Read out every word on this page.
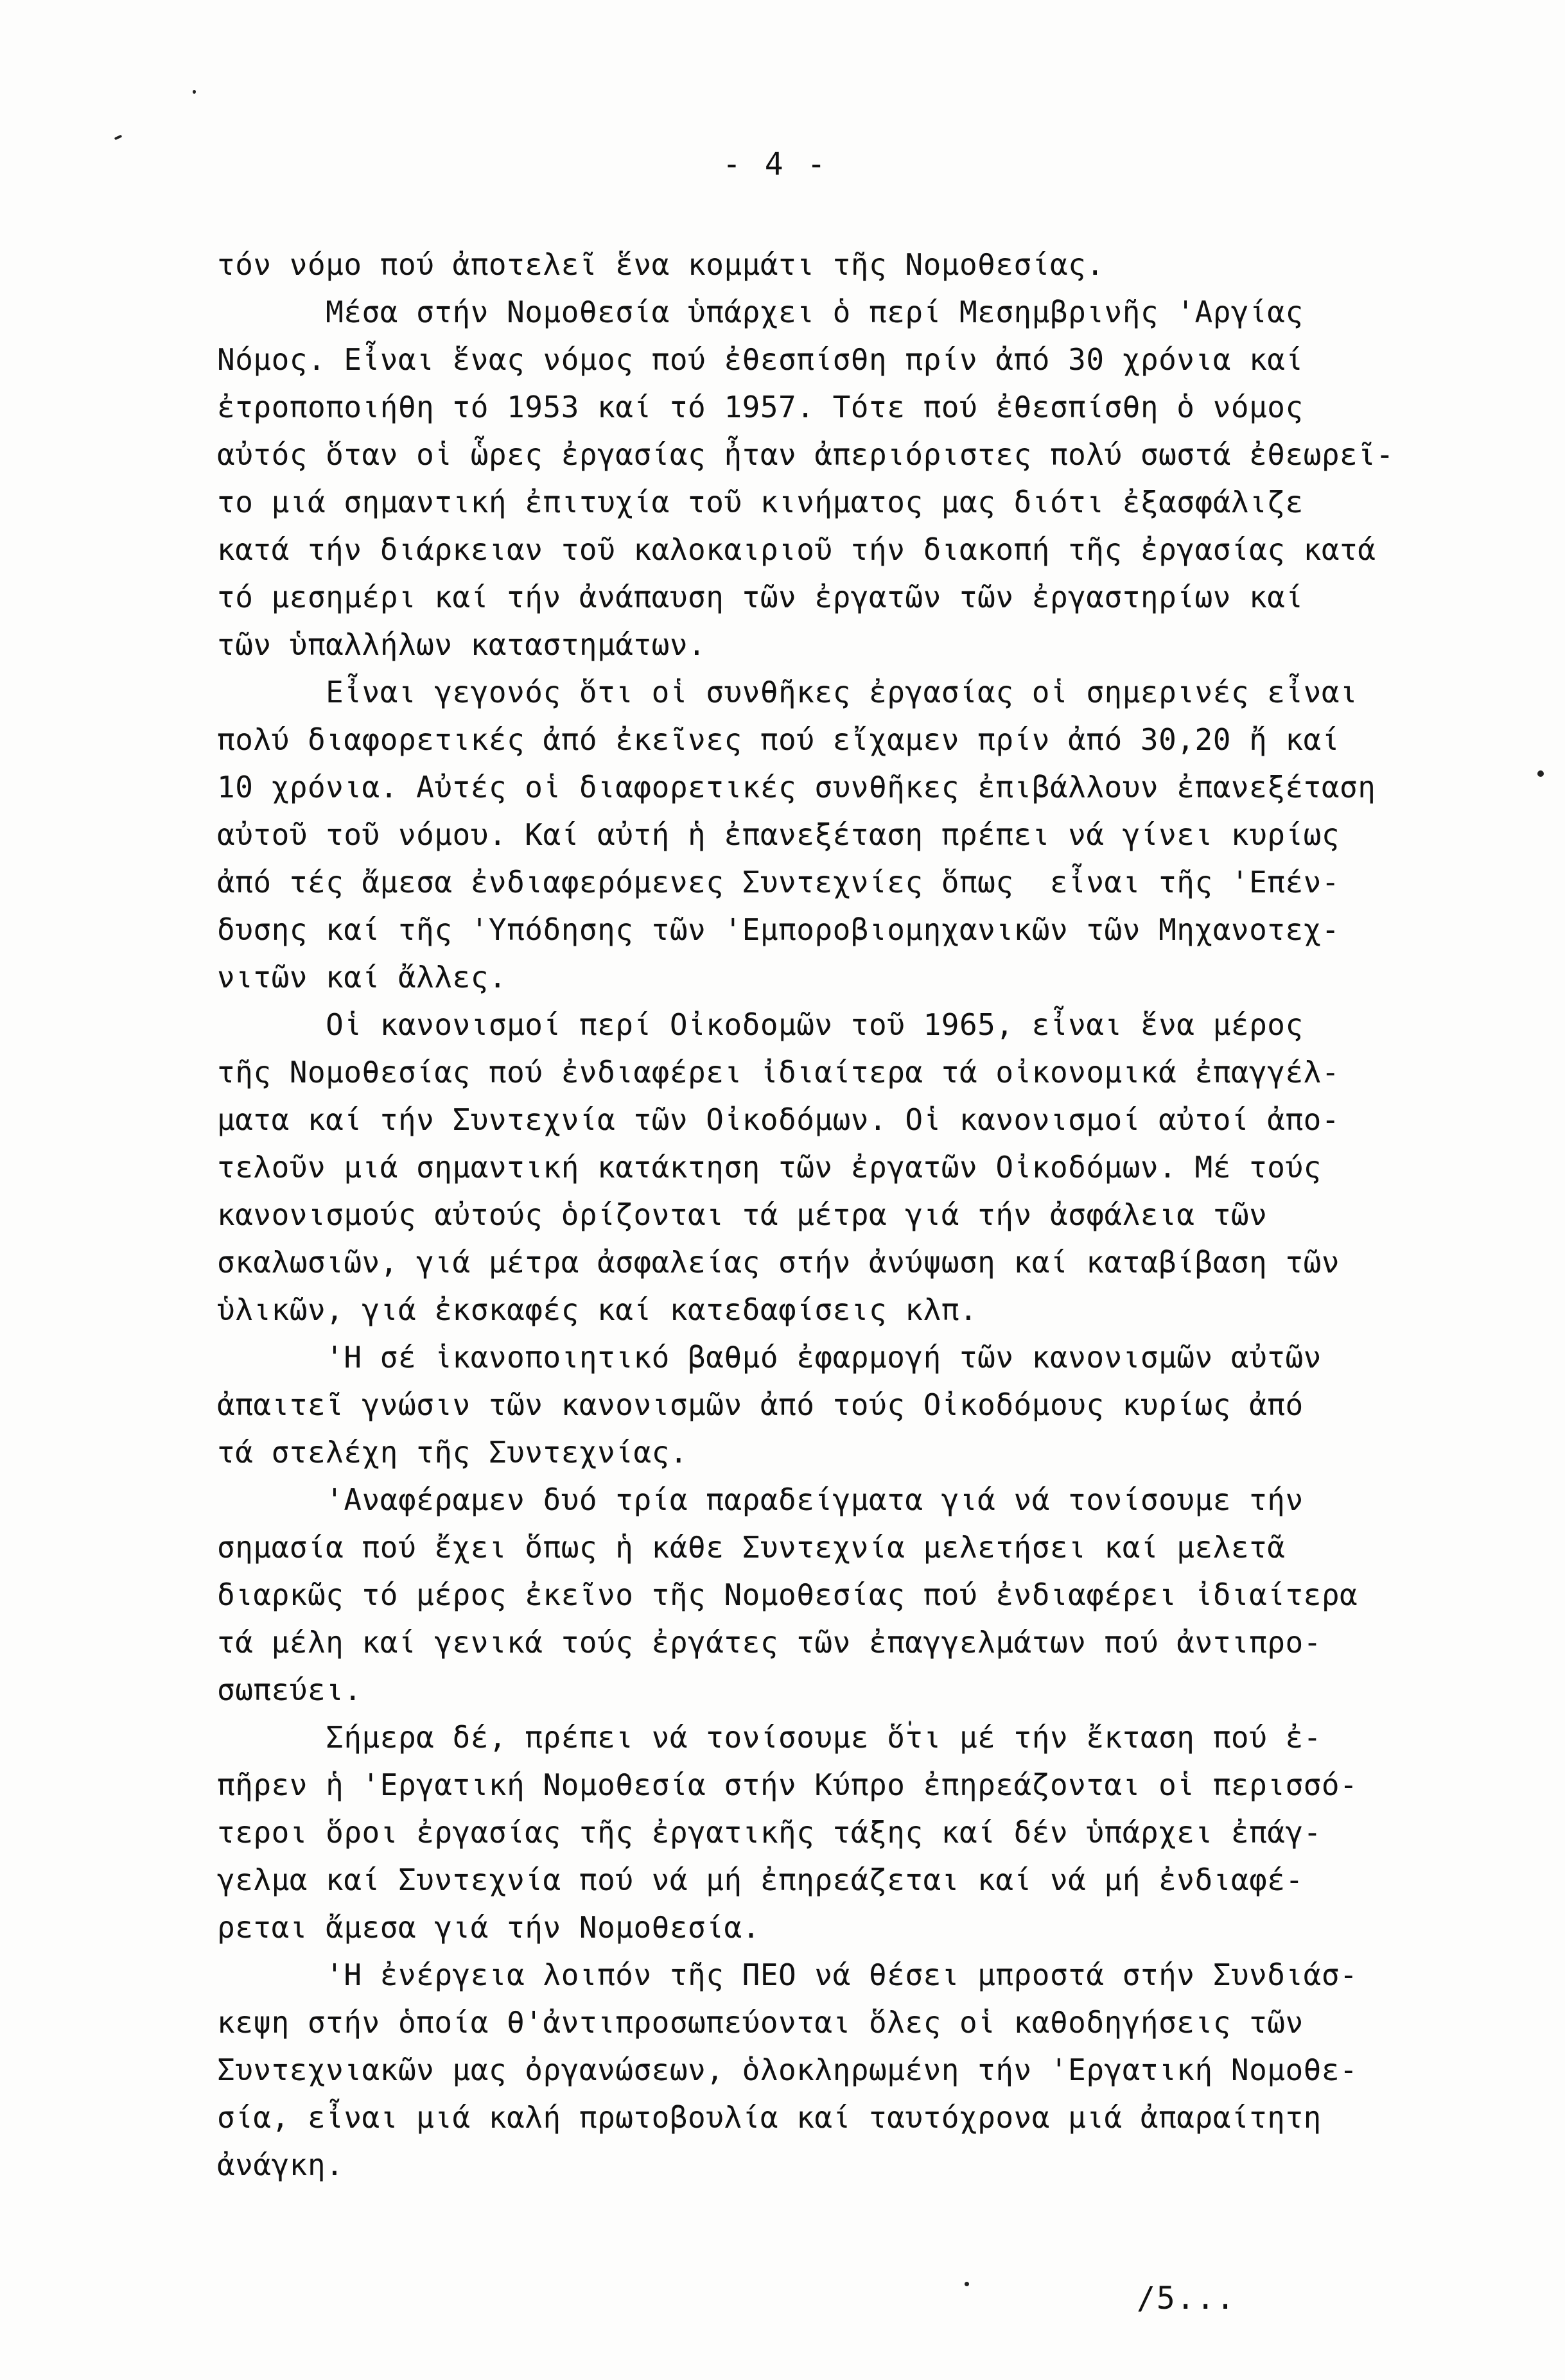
- 4 -
τόν νόμο πού ἀποτελεῖ ἕνα κομμάτι τῆς Νομοθεσίας.
Μέσα στήν Νομοθεσία ὑπάρχει ὁ περί Μεσημβρινῆς 'Αργίας
Νόμος. Εἶναι ἕνας νόμος πού ἐθεσπίσθη πρίν ἀπό 30 χρόνια καί
ἐτροποποιήθη τό 1953 καί τό 1957. Τότε πού ἐθεσπίσθη ὁ νόμος
αὐτός ὅταν οἱ ὧρες ἐργασίας ἦταν ἀπεριόριστες πολύ σωστά ἐθεωρεῖ-
το μιά σημαντική ἐπιτυχία τοῦ κινήματος μας διότι ἐξασφάλιζε
κατά τήν διάρκειαν τοῦ καλοκαιριοῦ τήν διακοπή τῆς ἐργασίας κατά
τό μεσημέρι καί τήν ἀνάπαυση τῶν ἐργατῶν τῶν ἐργαστηρίων καί
τῶν ὑπαλλήλων καταστημάτων.
Εἶναι γεγονός ὅτι οἱ συνθῆκες ἐργασίας οἱ σημερινές εἶναι
πολύ διαφορετικές ἀπό ἐκεῖνες πού εἴχαμεν πρίν ἀπό 30,20 ἤ καί
10 χρόνια. Αὐτές οἱ διαφορετικές συνθῆκες ἐπιβάλλουν ἐπανεξέταση
αὐτοῦ τοῦ νόμου. Καί αὐτή ἡ ἐπανεξέταση πρέπει νά γίνει κυρίως
ἀπό τές ἄμεσα ἐνδιαφερόμενες Συντεχνίες ὅπως  εἶναι τῆς 'Επέν-
δυσης καί τῆς 'Υπόδησης τῶν 'Εμποροβιομηχανικῶν τῶν Μηχανοτεχ-
νιτῶν καί ἄλλες.
Οἱ κανονισμοί περί Οἰκοδομῶν τοῦ 1965, εἶναι ἕνα μέρος
τῆς Νομοθεσίας πού ἐνδιαφέρει ἰδιαίτερα τά οἰκονομικά ἐπαγγέλ-
ματα καί τήν Συντεχνία τῶν Οἰκοδόμων. Οἱ κανονισμοί αὐτοί ἀπο-
τελοῦν μιά σημαντική κατάκτηση τῶν ἐργατῶν Οἰκοδόμων. Μέ τούς
κανονισμούς αὐτούς ὁρίζονται τά μέτρα γιά τήν ἀσφάλεια τῶν
σκαλωσιῶν, γιά μέτρα ἀσφαλείας στήν ἀνύψωση καί καταβίβαση τῶν
ὑλικῶν, γιά ἐκσκαφές καί κατεδαφίσεις κλπ.
'Η σέ ἱκανοποιητικό βαθμό ἐφαρμογή τῶν κανονισμῶν αὐτῶν
ἀπαιτεῖ γνώσιν τῶν κανονισμῶν ἀπό τούς Οἰκοδόμους κυρίως ἀπό
τά στελέχη τῆς Συντεχνίας.
'Αναφέραμεν δυό τρία παραδείγματα γιά νά τονίσουμε τήν
σημασία πού ἔχει ὅπως ἡ κάθε Συντεχνία μελετήσει καί μελετᾶ
διαρκῶς τό μέρος ἐκεῖνο τῆς Νομοθεσίας πού ἐνδιαφέρει ἰδιαίτερα
τά μέλη καί γενικά τούς ἐργάτες τῶν ἐπαγγελμάτων πού ἀντιπρο-
σωπεύει.
Σήμερα δέ, πρέπει νά τονίσουμε ὅτι μέ τήν ἔκταση πού ἐ-
πῆρεν ἡ 'Εργατική Νομοθεσία στήν Κύπρο ἐπηρεάζονται οἱ περισσό-
τεροι ὅροι ἐργασίας τῆς ἐργατικῆς τάξης καί δέν ὑπάρχει ἐπάγ-
γελμα καί Συντεχνία πού νά μή ἐπηρεάζεται καί νά μή ἐνδιαφέ-
ρεται ἄμεσα γιά τήν Νομοθεσία.
'Η ἐνέργεια λοιπόν τῆς ΠΕΟ νά θέσει μπροστά στήν Συνδιάσ-
κεψη στήν ὁποία θ'ἀντιπροσωπεύονται ὅλες οἱ καθοδηγήσεις τῶν
Συντεχνιακῶν μας ὀργανώσεων, ὁλοκληρωμένη τήν 'Εργατική Νομοθε-
σία, εἶναι μιά καλή πρωτοβουλία καί ταυτόχρονα μιά ἀπαραίτητη
ἀνάγκη.
/5...
